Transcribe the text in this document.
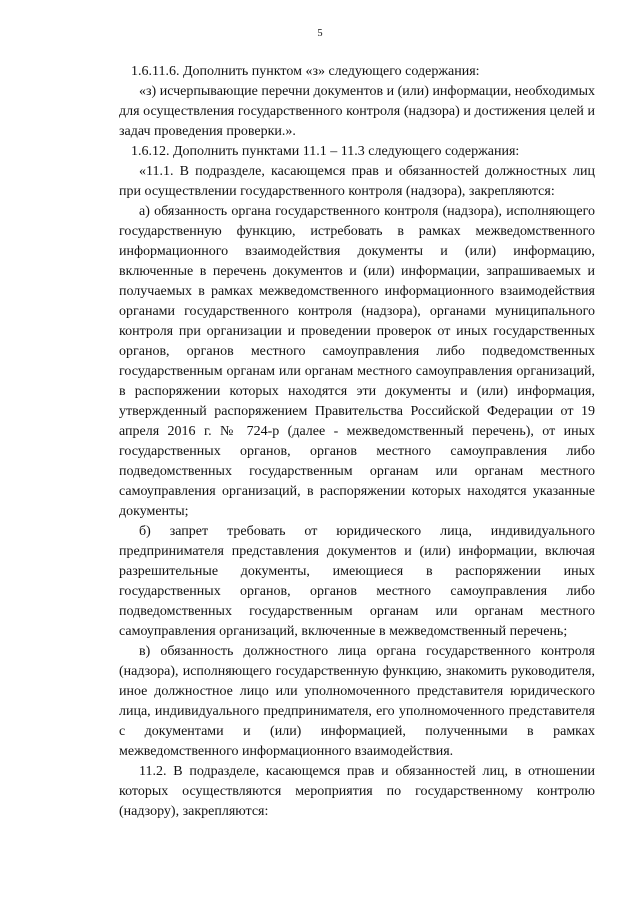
5

1.6.11.6. Дополнить пунктом «з» следующего содержания:

«з) исчерпывающие перечни документов и (или) информации, необходимых для осуществления государственного контроля (надзора) и достижения целей и задач проведения проверки.».

1.6.12. Дополнить пунктами 11.1 – 11.3 следующего содержания:

«11.1. В подразделе, касающемся прав и обязанностей должностных лиц при осуществлении государственного контроля (надзора), закрепляются:

а) обязанность органа государственного контроля (надзора), исполняющего государственную функцию, истребовать в рамках межведомственного информационного взаимодействия документы и (или) информацию, включенные в перечень документов и (или) информации, запрашиваемых и получаемых в рамках межведомственного информационного взаимодействия органами государственного контроля (надзора), органами муниципального контроля при организации и проведении проверок от иных государственных органов, органов местного самоуправления либо подведомственных государственным органам или органам местного самоуправления организаций, в распоряжении которых находятся эти документы и (или) информация, утвержденный распоряжением Правительства Российской Федерации от 19 апреля 2016 г. № 724-р (далее - межведомственный перечень), от иных государственных органов, органов местного самоуправления либо подведомственных государственным органам или органам местного самоуправления организаций, в распоряжении которых находятся указанные документы;

б) запрет требовать от юридического лица, индивидуального предпринимателя представления документов и (или) информации, включая разрешительные документы, имеющиеся в распоряжении иных государственных органов, органов местного самоуправления либо подведомственных государственным органам или органам местного самоуправления организаций, включенные в межведомственный перечень;

в) обязанность должностного лица органа государственного контроля (надзора), исполняющего государственную функцию, знакомить руководителя, иное должностное лицо или уполномоченного представителя юридического лица, индивидуального предпринимателя, его уполномоченного представителя с документами и (или) информацией, полученными в рамках межведомственного информационного взаимодействия.

11.2. В подразделе, касающемся прав и обязанностей лиц, в отношении которых осуществляются мероприятия по государственному контролю (надзору), закрепляются:
